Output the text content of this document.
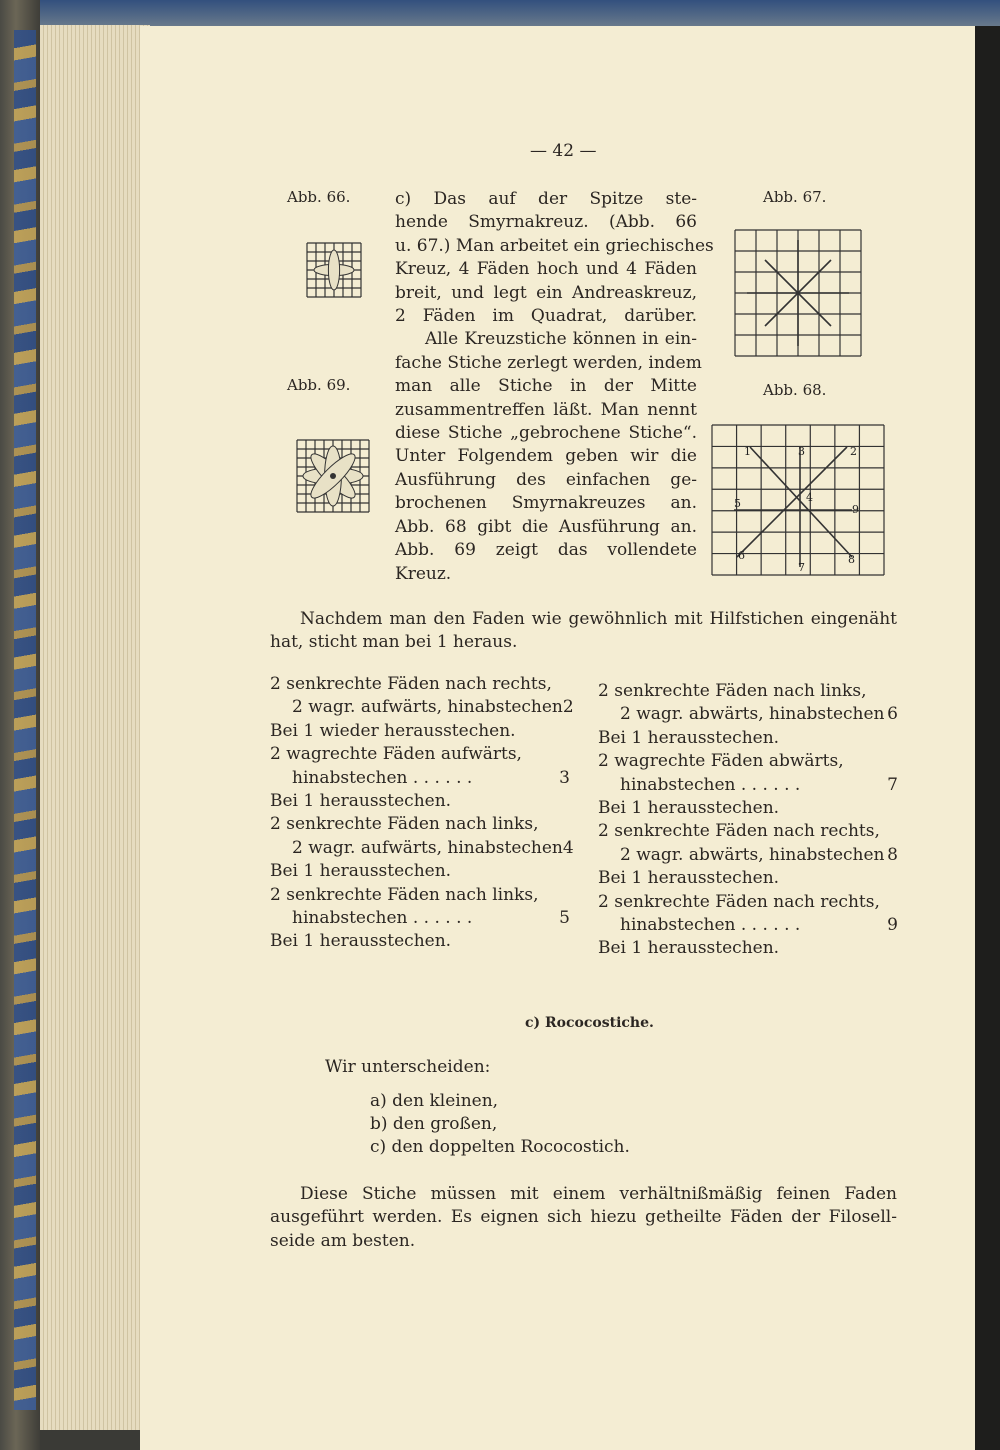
— 42 —
Abb. 66.	Abb. 67.
Abb. 69.	Abb. 68.
1	2
3
4
5
6
7
8
9
c) Das auf der Spitze ste-
hende Smyrnakreuz. (Abb. 66
u. 67.) Man arbeitet ein griechisches
Kreuz, 4 Fäden hoch und 4 Fäden
breit, und legt ein Andreaskreuz,
2 Fäden im Quadrat, darüber.
Alle Kreuzstiche können in ein-
fache Stiche zerlegt werden, indem
man alle Stiche in der Mitte
zusammentreffen läßt. Man nennt
diese Stiche „gebrochene Stiche“.
Unter Folgendem geben wir die
Ausführung des einfachen ge-
brochenen Smyrnakreuzes an.
Abb. 68 gibt die Ausführung an.
Abb. 69 zeigt das vollendete
Kreuz.
Nachdem man den Faden wie gewöhnlich mit Hilfstichen eingenäht
hat, sticht man bei 1 heraus.
2 senkrechte Fäden nach rechts,
2 wagr. aufwärts, hinabstechen 2
Bei 1 wieder herausstechen.
2 wagrechte Fäden aufwärts,
hinabstechen . . . . . .	3
Bei 1 herausstechen.
2 senkrechte Fäden nach links,
2 wagr. aufwärts, hinabstechen 4
Bei 1 herausstechen.
2 senkrechte Fäden nach links,
hinabstechen . . . . . .	5
Bei 1 herausstechen.
2 senkrechte Fäden nach links,
2 wagr. abwärts, hinabstechen 6
Bei 1 herausstechen.
2 wagrechte Fäden abwärts,
hinabstechen . . . . . .	7
Bei 1 herausstechen.
2 senkrechte Fäden nach rechts,
2 wagr. abwärts, hinabstechen 8
Bei 1 herausstechen.
2 senkrechte Fäden nach rechts,
hinabstechen . . . . . .	9
Bei 1 herausstechen.
c) Rococostiche.
Wir unterscheiden:
a) den kleinen,
b) den großen,
c) den doppelten Rococostich.
Diese Stiche müssen mit einem verhältnißmäßig feinen Faden
ausgeführt werden. Es eignen sich hiezu getheilte Fäden der Filosell-
seide am besten.
